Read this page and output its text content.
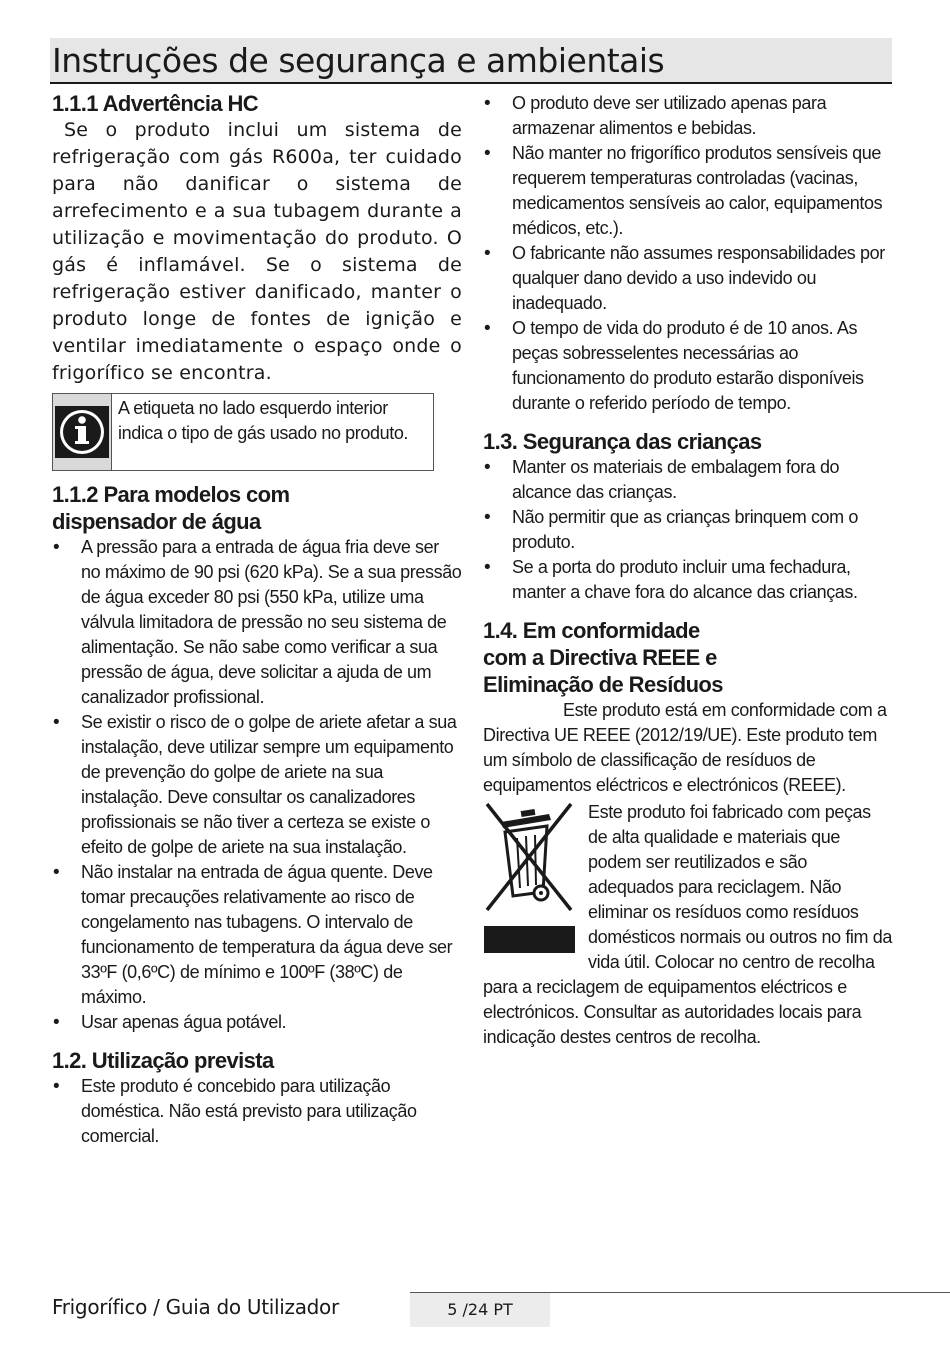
Instruções de segurança e ambientais
1.1.1 Advertência HC

Se o produto inclui um sistema de refrigeração com gás R600a, ter cuidado para não danificar o sistema de arrefecimento e a sua tubagem durante a utilização e movimentação do produto. O gás é inflamável. Se o sistema de refrigeração estiver danificado, manter o produto longe de fontes de ignição e ventilar imediatamente o espaço onde o frigorífico se encontra.

A etiqueta no lado esquerdo interior indica o tipo de gás usado no produto.
1.1.2 Para modelos com
dispensador de água
• A pressão para a entrada de água fria deve ser no máximo de 90 psi (620 kPa). Se a sua pressão de água exceder 80 psi (550 kPa, utilize uma válvula limitadora de pressão no seu sistema de alimentação. Se não sabe como verificar a sua pressão de água, deve solicitar a ajuda de um canalizador profissional.
• Se existir o risco de o golpe de ariete afetar a sua instalação, deve utilizar sempre um equipamento de prevenção do golpe de ariete na sua instalação. Deve consultar os canalizadores profissionais se não tiver a certeza se existe o efeito de golpe de ariete na sua instalação.
• Não instalar na entrada de água quente. Deve tomar precauções relativamente ao risco de congelamento nas tubagens. O intervalo de funcionamento de temperatura da água deve ser 33ºF (0,6ºC) de mínimo e 100ºF (38ºC) de máximo.
• Usar apenas água potável.
1.2. Utilização prevista
• Este produto é concebido para utilização doméstica. Não está previsto para utilização comercial.
• O produto deve ser utilizado apenas para armazenar alimentos e bebidas.
• Não manter no frigorífico produtos sensíveis que requerem temperaturas controladas (vacinas, medicamentos sensíveis ao calor, equipamentos médicos, etc.).
• O fabricante não assumes responsabilidades por qualquer dano devido a uso indevido ou inadequado.
• O tempo de vida do produto é de 10 anos. As peças sobresselentes necessárias ao funcionamento do produto estarão disponíveis durante o referido período de tempo.
1.3. Segurança das crianças
• Manter os materiais de embalagem fora do alcance das crianças.
• Não permitir que as crianças brinquem com o produto.
• Se a porta do produto incluir uma fechadura, manter a chave fora do alcance das crianças.
1.4. Em conformidade
com a Directiva REEE e
Eliminação de Resíduos

Este produto está em conformidade com a Directiva UE REEE (2012/19/UE). Este produto tem um símbolo de classificação de resíduos de equipamentos eléctricos e electrónicos (REEE).

Este produto foi fabricado com peças de alta qualidade e materiais que podem ser reutilizados e são adequados para reciclagem. Não eliminar os resíduos como resíduos domésticos normais ou outros no fim da vida útil. Colocar no centro de recolha para a reciclagem de equipamentos eléctricos e electrónicos. Consultar as autoridades locais para indicação destes centros de recolha.

Frigorífico / Guia do Utilizador	5 /24 PT
